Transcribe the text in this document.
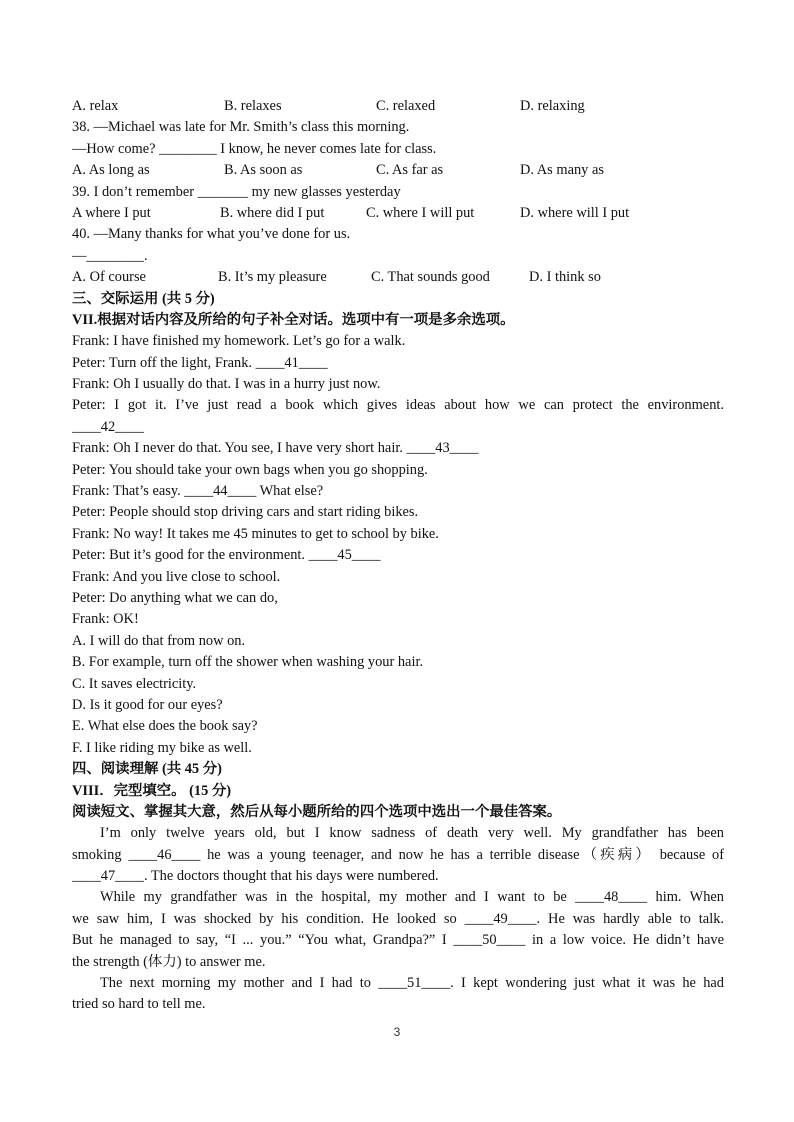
A. relax	B. relaxes	C. relaxed	D. relaxing
38. —Michael was late for Mr. Smith’s class this morning.
—How come? ________ I know, he never comes late for class.
A. As long as	B. As soon as	C. As far as	D. As many as
39. I don’t remember _______ my new glasses yesterday
A where I put	B. where did I put	C. where I will put	D. where will I put
40. —Many thanks for what you’ve done for us.
—________.
A. Of course	B. It’s my pleasure	C. That sounds good	D. I think so
三、交际运用 (共 5 分)
VII.根据对话内容及所给的句子补全对话。选项中有一项是多余选项。
Frank: I have finished my homework. Let’s go for a walk.
Peter: Turn off the light, Frank. ____41____
Frank: Oh I usually do that. I was in a hurry just now.
Peter: I got it. I’ve just read a book which gives ideas about how we can protect the environment.
____42____
Frank: Oh I never do that. You see, I have very short hair. ____43____
Peter: You should take your own bags when you go shopping.
Frank: That’s easy. ____44____ What else?
Peter: People should stop driving cars and start riding bikes.
Frank: No way! It takes me 45 minutes to get to school by bike.
Peter: But it’s good for the environment. ____45____
Frank: And you live close to school.
Peter: Do anything what we can do,
Frank: OK!
A. I will do that from now on.
B. For example, turn off the shower when washing your hair.
C. It saves electricity.
D. Is it good for our eyes?
E. What else does the book say?
F. I like riding my bike as well.
四、阅读理解 (共 45 分)
VIII．完型填空。 (15 分)
阅读短文、掌握其大意，然后从每小题所给的四个选项中选出一个最佳答案。
I’m only twelve years old, but I know sadness of death very well. My grandfather has been
smoking ____46____ he was a young teenager, and now he has a terrible disease（疾病） because of
____47____. The doctors thought that his days were numbered.
While my grandfather was in the hospital, my mother and I want to be ____48____ him. When
we saw him, I was shocked by his condition. He looked so ____49____. He was hardly able to talk.
But he managed to say, “I ... you.” “You what, Grandpa?” I ____50____ in a low voice. He didn’t have
the strength (体力) to answer me.
The next morning my mother and I had to ____51____. I kept wondering just what it was he had
tried so hard to tell me.
3
